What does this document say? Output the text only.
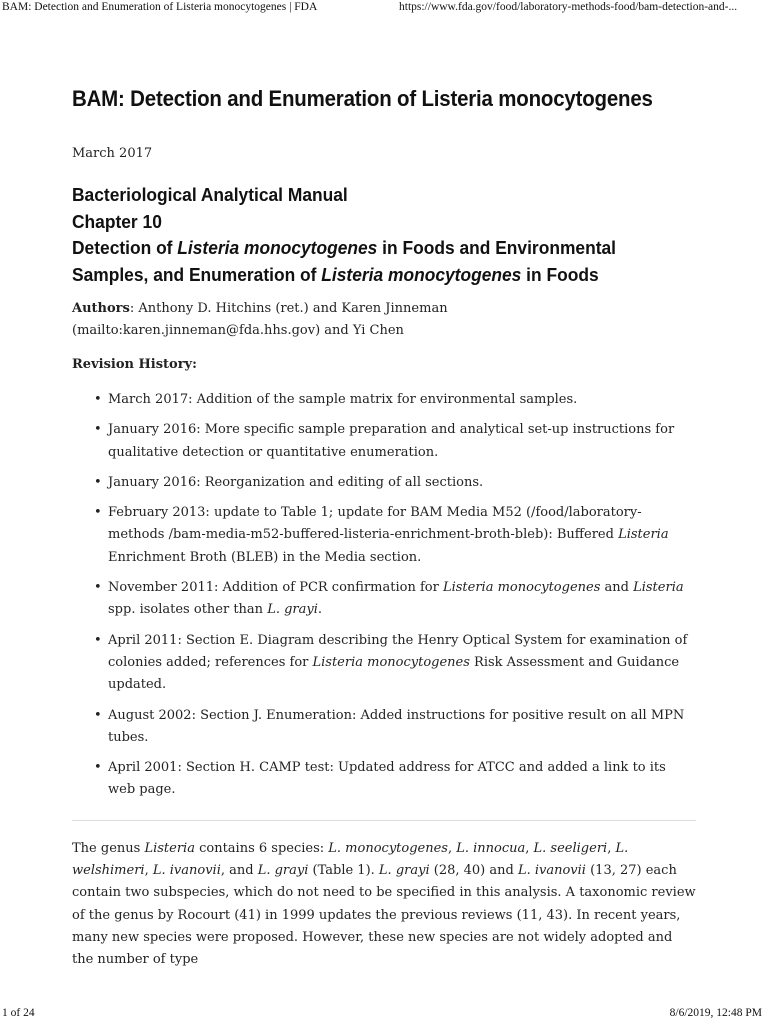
BAM: Detection and Enumeration of Listeria monocytogenes | FDA	https://www.fda.gov/food/laboratory-methods-food/bam-detection-and-...
BAM: Detection and Enumeration of Listeria monocytogenes
March 2017
Bacteriological Analytical Manual
Chapter 10
Detection of Listeria monocytogenes in Foods and Environmental
Samples, and Enumeration of Listeria monocytogenes in Foods
Authors: Anthony D. Hitchins (ret.) and Karen Jinneman (mailto:karen.jinneman@fda.hhs.gov) and Yi Chen
Revision History:
• March 2017: Addition of the sample matrix for environmental samples.
• January 2016: More specific sample preparation and analytical set-up instructions for qualitative detection or quantitative enumeration.
• January 2016: Reorganization and editing of all sections.
• February 2013: update to Table 1; update for BAM Media M52 (/food/laboratory-methods /bam-media-m52-buffered-listeria-enrichment-broth-bleb): Buffered Listeria Enrichment Broth (BLEB) in the Media section.
• November 2011: Addition of PCR confirmation for Listeria monocytogenes and Listeria spp. isolates other than L. grayi.
• April 2011: Section E. Diagram describing the Henry Optical System for examination of colonies added; references for Listeria monocytogenes Risk Assessment and Guidance updated.
• August 2002: Section J. Enumeration: Added instructions for positive result on all MPN tubes.
• April 2001: Section H. CAMP test: Updated address for ATCC and added a link to its web page.

The genus Listeria contains 6 species: L. monocytogenes, L. innocua, L. seeligeri, L. welshimeri, L. ivanovii, and L. grayi (Table 1). L. grayi (28, 40) and L. ivanovii (13, 27) each contain two subspecies, which do not need to be specified in this analysis. A taxonomic review of the genus by Rocourt (41) in 1999 updates the previous reviews (11, 43). In recent years, many new species were proposed. However, these new species are not widely adopted and the number of type

1 of 24	8/6/2019, 12:48 PM
